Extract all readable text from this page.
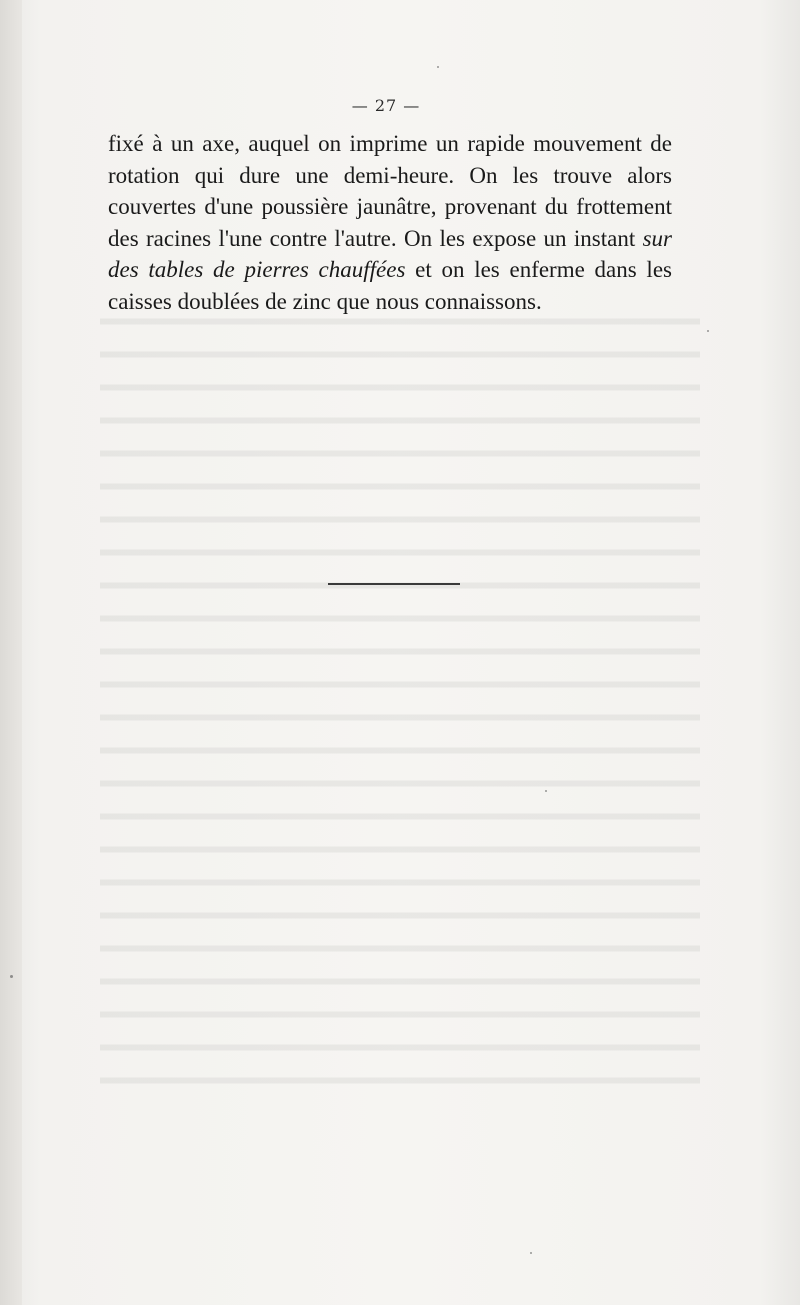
— 27 —
fixé à un axe, auquel on imprime un rapide mouvement de rotation qui dure une demi-heure. On les trouve alors couvertes d'une poussière jaunâtre, provenant du frottement des racines l'une contre l'autre. On les expose un instant sur des tables de pierres chauffées et on les enferme dans les caisses doublées de zinc que nous connaissons.
